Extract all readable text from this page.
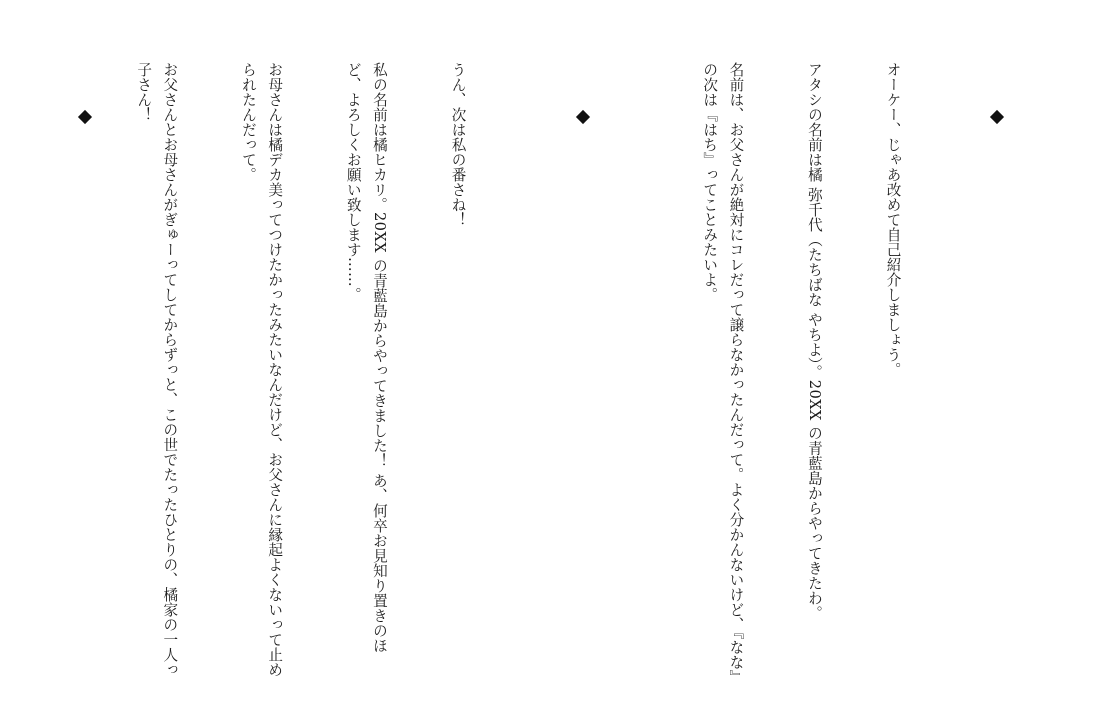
オーケー、じゃあ改めて自己紹介しましょう。

アタシの名前は橘 弥千代（たちばな やちよ）。20XX の青藍島からやってきたわ。

名前は、お父さんが絶対にコレだって譲らなかったんだって。よく分かんないけど、『なな』の次は『はち』ってことみたいよ。

うん、次は私の番さね！

私の名前は橘ヒカリ。20XX の青藍島からやってきました！ あ、何卒お見知り置きのほど、よろしくお願い致します……。

お母さんは橘デカ美ってつけたかったみたいなんだけど、お父さんに縁起よくないって止められたんだって。

お父さんとお母さんがぎゅーってしてからずっと、この世でたったひとりの、橘家の一人っ子さん！
